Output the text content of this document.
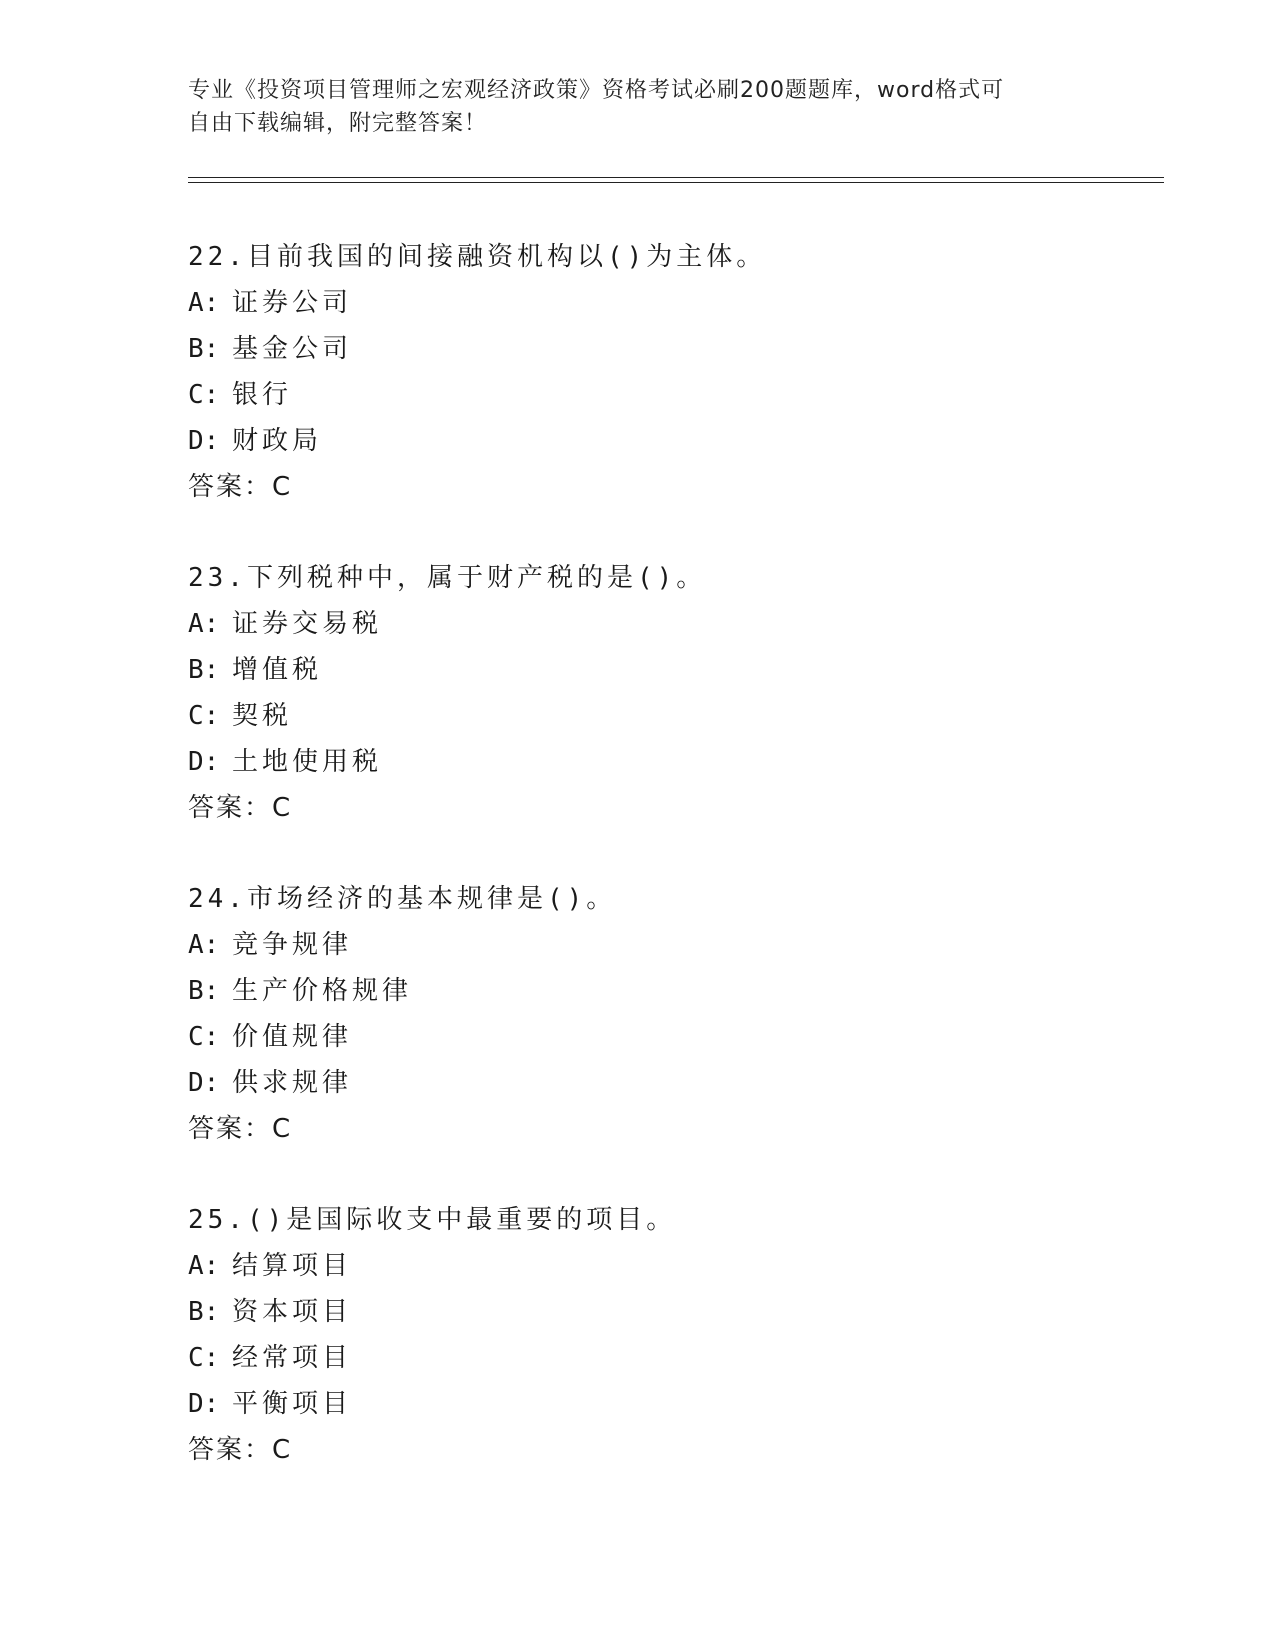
专业《投资项目管理师之宏观经济政策》资格考试必刷200题题库，word格式可
自由下载编辑，附完整答案！
22.目前我国的间接融资机构以()为主体。
A: 证券公司
B: 基金公司
C: 银行
D: 财政局
答案：C
23.下列税种中，属于财产税的是()。
A: 证券交易税
B: 增值税
C: 契税
D: 土地使用税
答案：C
24.市场经济的基本规律是()。
A: 竞争规律
B: 生产价格规律
C: 价值规律
D: 供求规律
答案：C
25.()是国际收支中最重要的项目。
A: 结算项目
B: 资本项目
C: 经常项目
D: 平衡项目
答案：C
